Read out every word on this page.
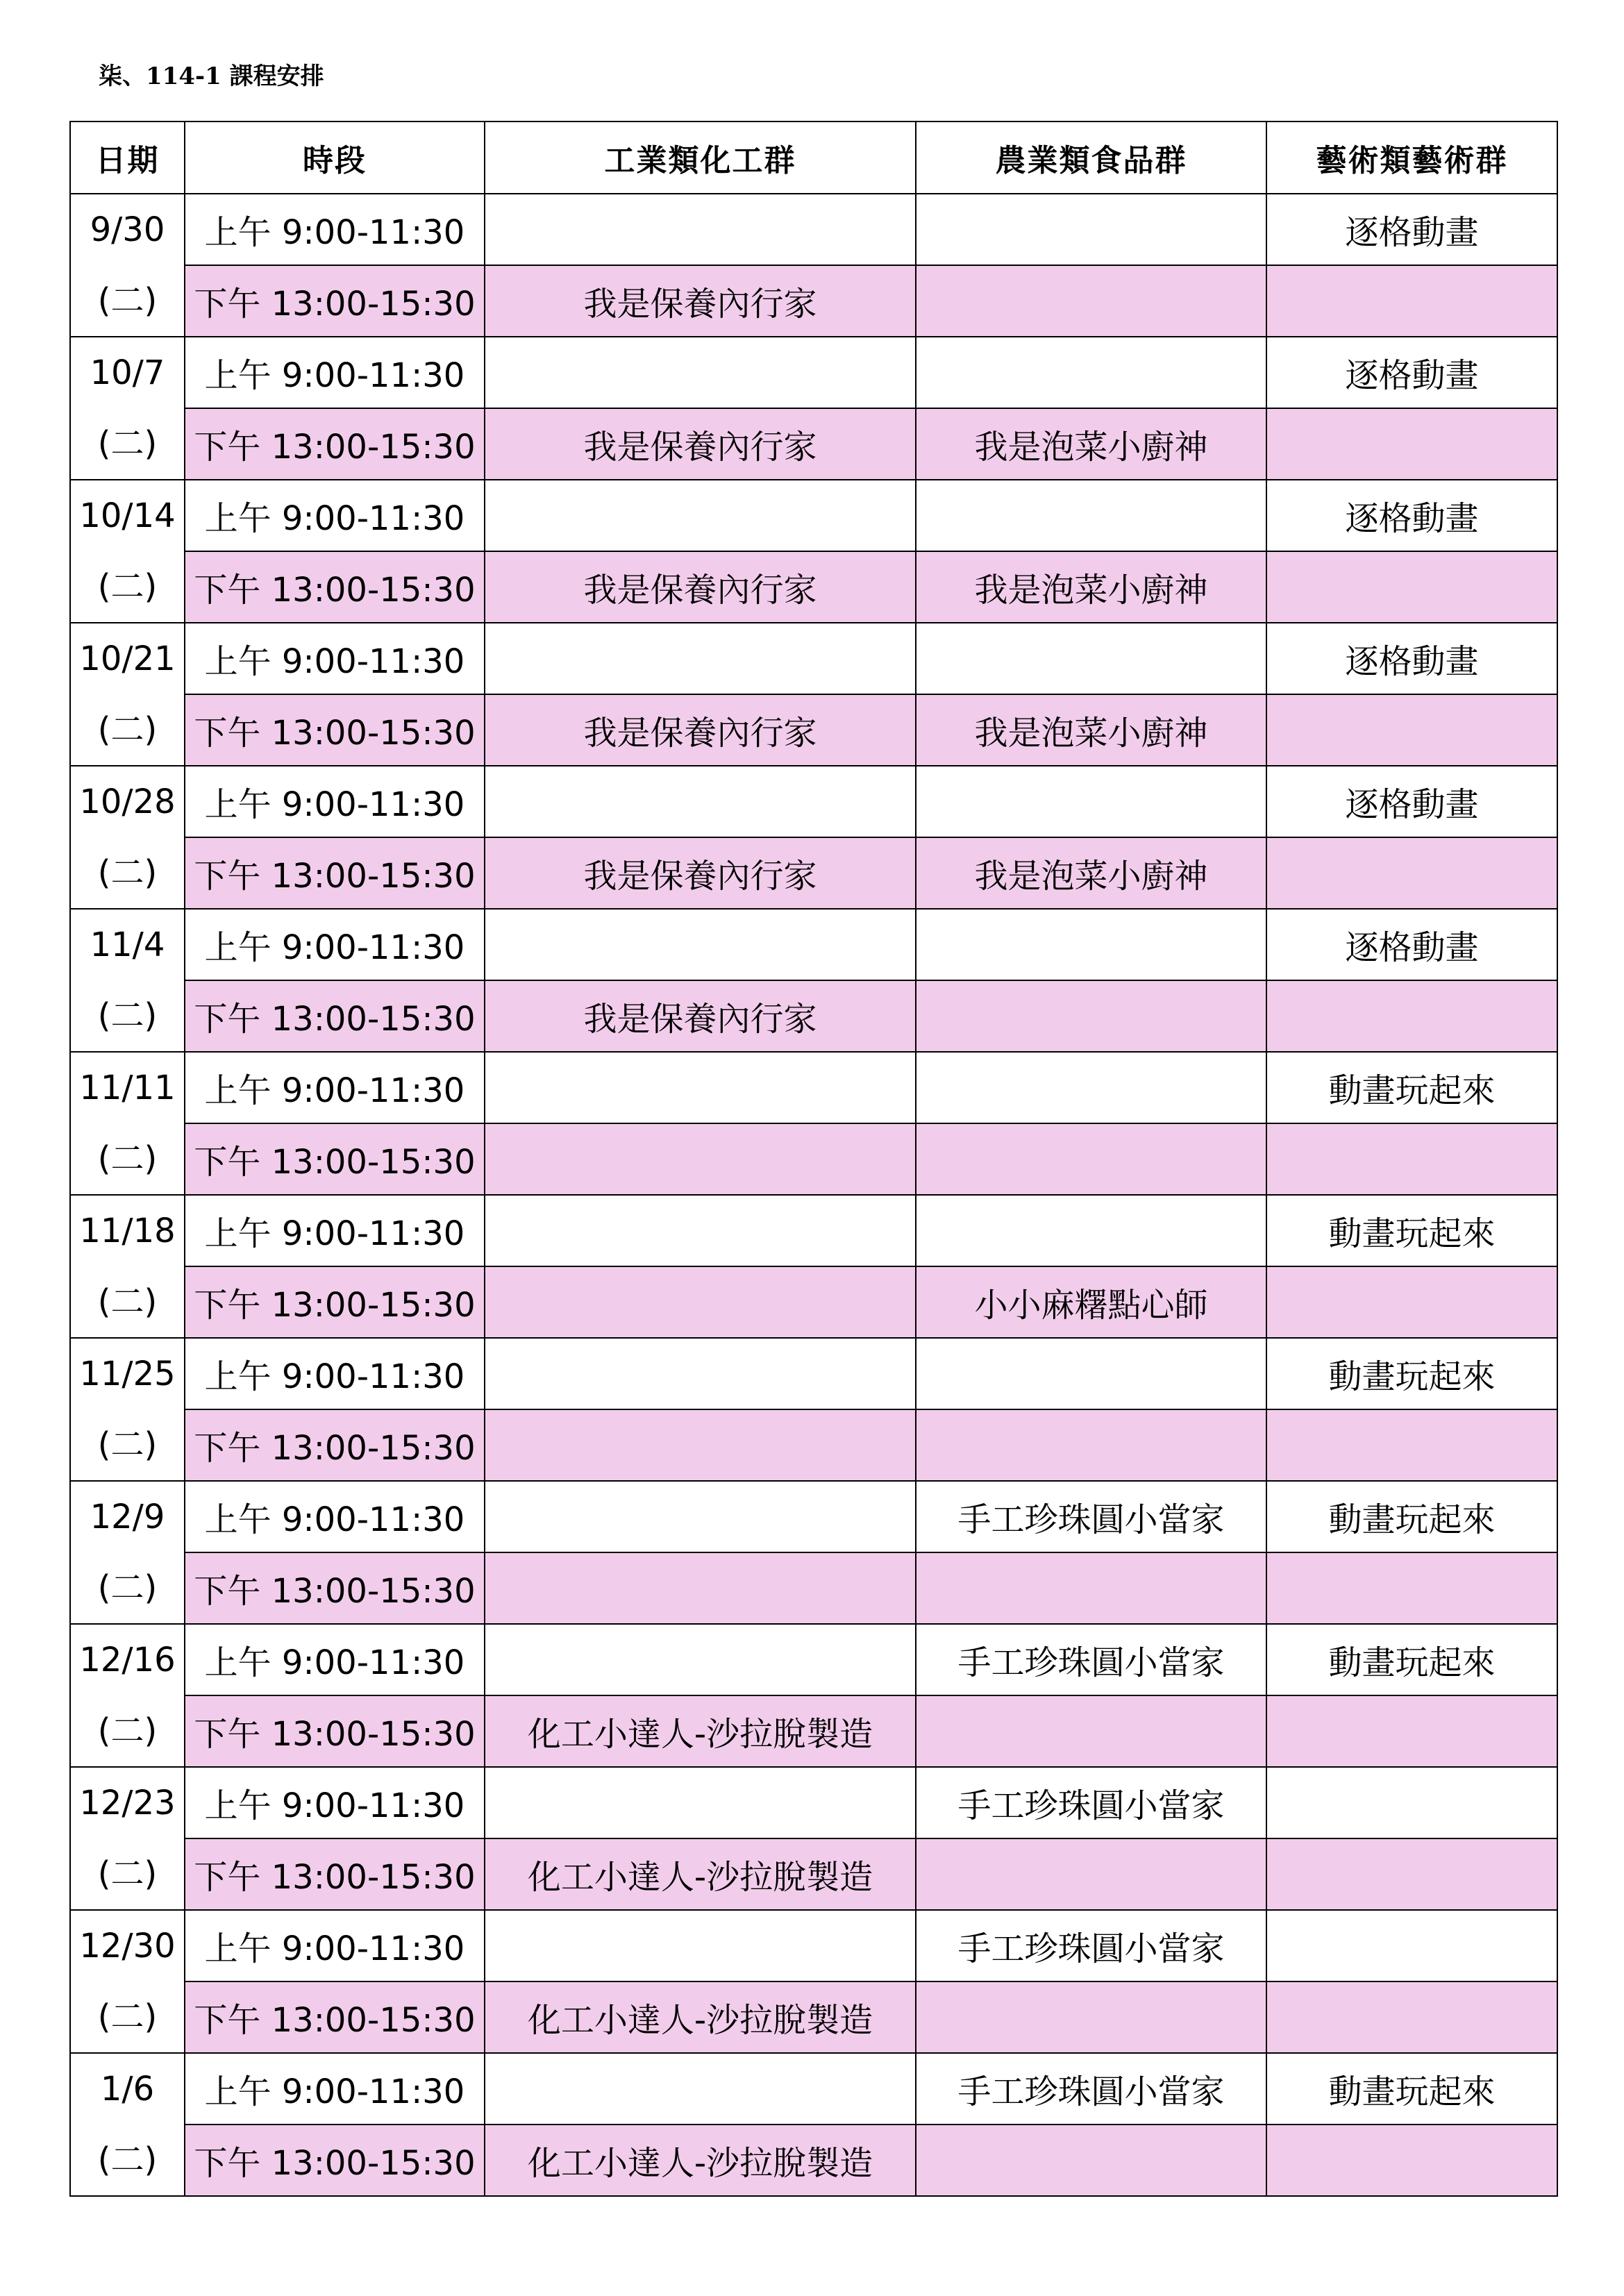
柒、114-1 課程安排
日期	時段	工業類化工群	農業類食品群	藝術類藝術群

9/30
(二)	上午 9:00-11:30			逐格動畫
	下午 13:00-15:30	我是保養內行家		

10/7
(二)	上午 9:00-11:30			逐格動畫
	下午 13:00-15:30	我是保養內行家	我是泡菜小廚神	

10/14
(二)	上午 9:00-11:30			逐格動畫
	下午 13:00-15:30	我是保養內行家	我是泡菜小廚神	

10/21
(二)	上午 9:00-11:30			逐格動畫
	下午 13:00-15:30	我是保養內行家	我是泡菜小廚神	

10/28
(二)	上午 9:00-11:30			逐格動畫
	下午 13:00-15:30	我是保養內行家	我是泡菜小廚神	

11/4
(二)	上午 9:00-11:30			逐格動畫
	下午 13:00-15:30	我是保養內行家		

11/11
(二)	上午 9:00-11:30			動畫玩起來
	下午 13:00-15:30			

11/18
(二)	上午 9:00-11:30			動畫玩起來
	下午 13:00-15:30		小小麻糬點心師	

11/25
(二)	上午 9:00-11:30			動畫玩起來
	下午 13:00-15:30			

12/9
(二)	上午 9:00-11:30		手工珍珠圓小當家	動畫玩起來
	下午 13:00-15:30			

12/16
(二)	上午 9:00-11:30		手工珍珠圓小當家	動畫玩起來
	下午 13:00-15:30	化工小達人-沙拉脫製造		

12/23
(二)	上午 9:00-11:30		手工珍珠圓小當家	
	下午 13:00-15:30	化工小達人-沙拉脫製造		

12/30
(二)	上午 9:00-11:30		手工珍珠圓小當家	
	下午 13:00-15:30	化工小達人-沙拉脫製造		

1/6
(二)	上午 9:00-11:30		手工珍珠圓小當家	動畫玩起來
	下午 13:00-15:30	化工小達人-沙拉脫製造		
